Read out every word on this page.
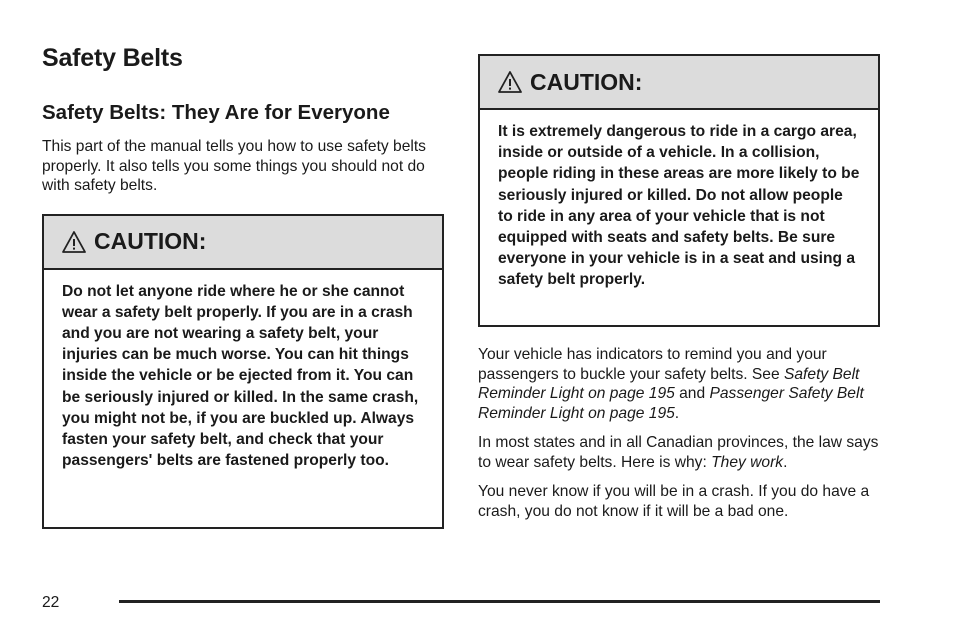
Safety Belts
Safety Belts: They Are for Everyone

This part of the manual tells you how to use safety belts properly. It also tells you some things you should not do with safety belts.

CAUTION:
Do not let anyone ride where he or she cannot wear a safety belt properly. If you are in a crash and you are not wearing a safety belt, your injuries can be much worse. You can hit things inside the vehicle or be ejected from it. You can be seriously injured or killed. In the same crash, you might not be, if you are buckled up. Always fasten your safety belt, and check that your passengers' belts are fastened properly too.
CAUTION:
It is extremely dangerous to ride in a cargo area, inside or outside of a vehicle. In a collision, people riding in these areas are more likely to be seriously injured or killed. Do not allow people to ride in any area of your vehicle that is not equipped with seats and safety belts. Be sure everyone in your vehicle is in a seat and using a safety belt properly.

Your vehicle has indicators to remind you and your passengers to buckle your safety belts. See Safety Belt Reminder Light on page 195 and Passenger Safety Belt Reminder Light on page 195.

In most states and in all Canadian provinces, the law says to wear safety belts. Here is why: They work.

You never know if you will be in a crash. If you do have a crash, you do not know if it will be a bad one.

22
